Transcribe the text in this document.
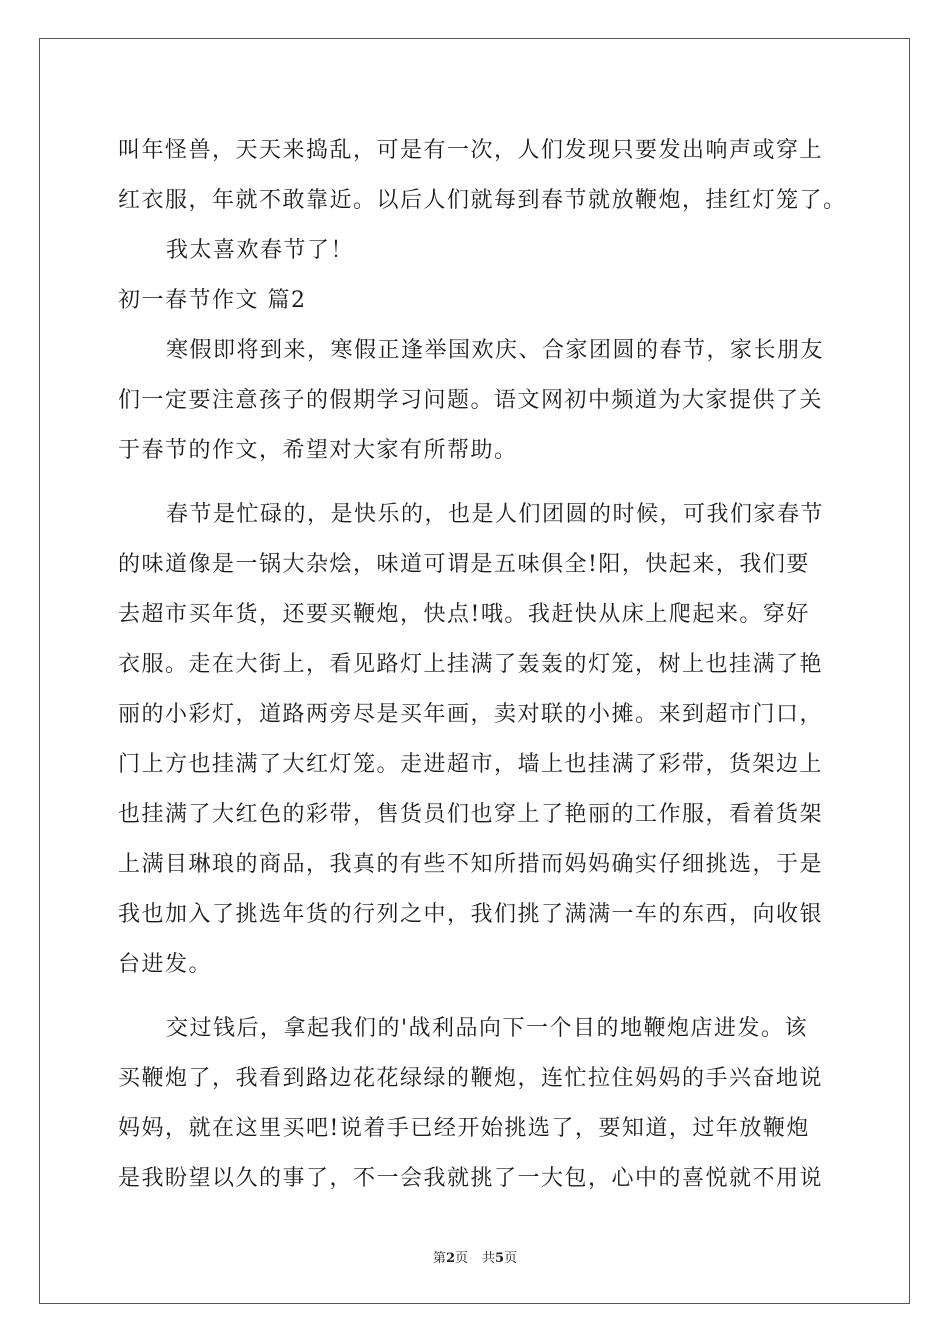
叫年怪兽，天天来捣乱，可是有一次，人们发现只要发出响声或穿上
红衣服，年就不敢靠近。以后人们就每到春节就放鞭炮，挂红灯笼了。
我太喜欢春节了！
初一春节作文 篇2
寒假即将到来，寒假正逢举国欢庆、合家团圆的春节，家长朋友
们一定要注意孩子的假期学习问题。语文网初中频道为大家提供了关
于春节的作文，希望对大家有所帮助。
春节是忙碌的，是快乐的，也是人们团圆的时候，可我们家春节
的味道像是一锅大杂烩，味道可谓是五味俱全!阳，快起来，我们要
去超市买年货，还要买鞭炮，快点!哦。我赶快从床上爬起来。穿好
衣服。走在大街上，看见路灯上挂满了轰轰的灯笼，树上也挂满了艳
丽的小彩灯，道路两旁尽是买年画，卖对联的小摊。来到超市门口，
门上方也挂满了大红灯笼。走进超市，墙上也挂满了彩带，货架边上
也挂满了大红色的彩带，售货员们也穿上了艳丽的工作服，看着货架
上满目琳琅的商品，我真的有些不知所措而妈妈确实仔细挑选，于是
我也加入了挑选年货的行列之中，我们挑了满满一车的东西，向收银
台进发。
交过钱后，拿起我们的'战利品向下一个目的地鞭炮店进发。该
买鞭炮了，我看到路边花花绿绿的鞭炮，连忙拉住妈妈的手兴奋地说
妈妈，就在这里买吧!说着手已经开始挑选了，要知道，过年放鞭炮
是我盼望以久的事了，不一会我就挑了一大包，心中的喜悦就不用说
第2页 共5页
